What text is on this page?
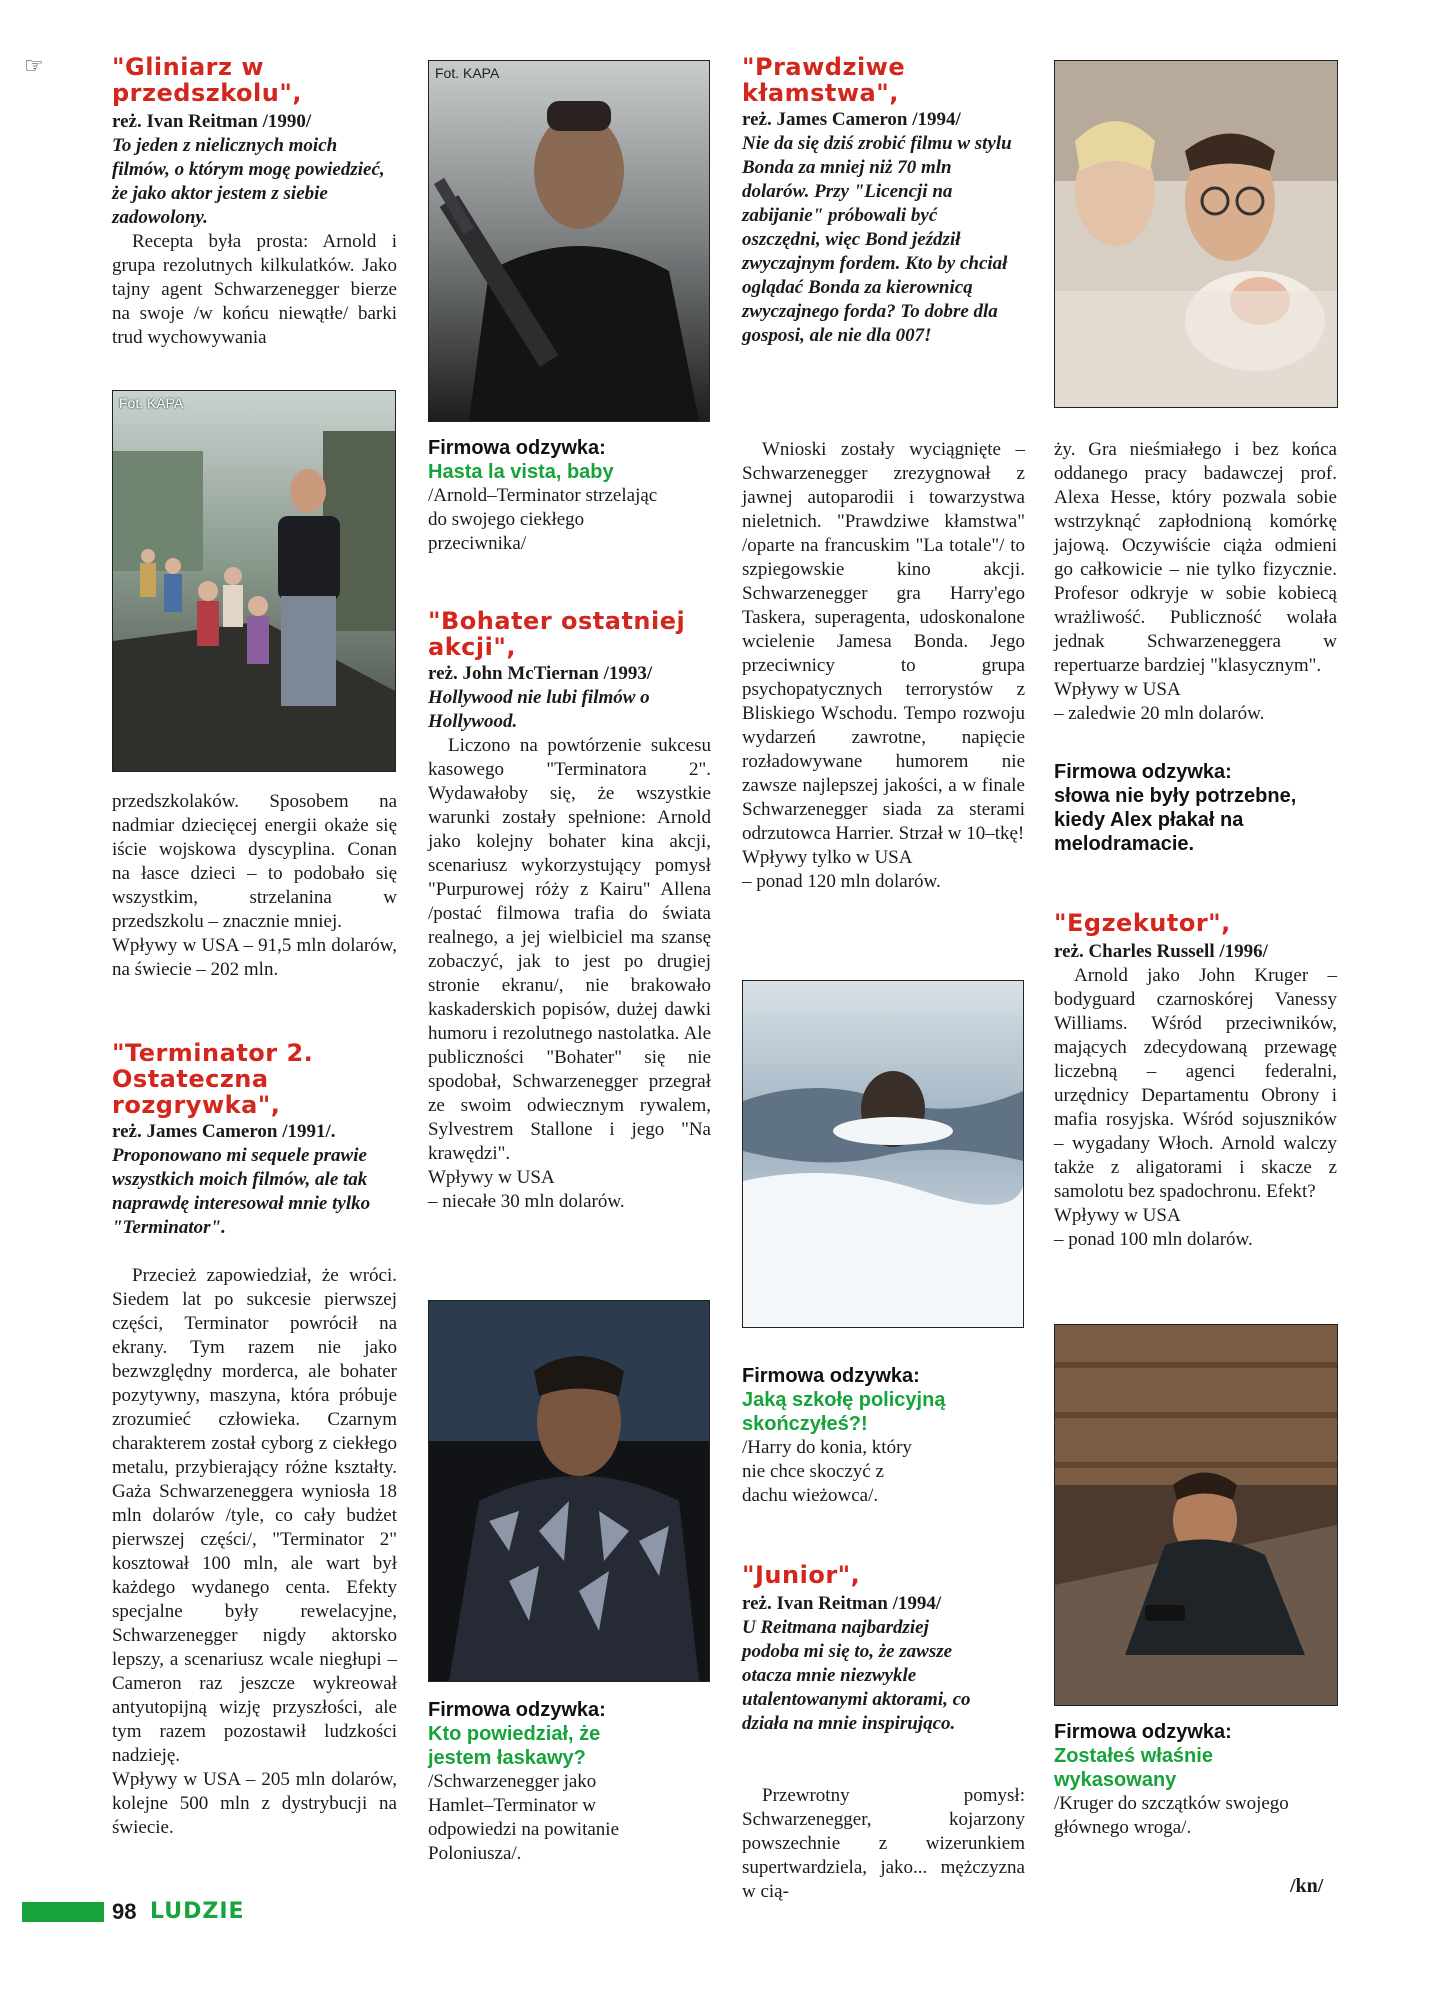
☞	"Gliniarz w przedszkolu",
reż. Ivan Reitman /1990/
To jeden z nielicznych moich filmów, o którym mogę powiedzieć, że jako aktor jestem z siebie zadowolony.

Recepta była prosta: Arnold i grupa rezolutnych kilkulatków. Jako tajny agent Schwarzenegger bierze na swoje /w końcu niewątłe/ barki trud wychowywania

Fot. KAPA

przedszkolaków. Sposobem na nadmiar dziecięcej energii okaże się iście wojskowa dyscyplina. Conan na łasce dzieci – to podobało się wszystkim, strzelanina w przedszkolu – znacznie mniej.

Wpływy w USA – 91,5 mln dolarów, na świecie – 202 mln.

"Terminator 2. Ostateczna rozgrywka",
reż. James Cameron /1991/.
Proponowano mi sequele prawie wszystkich moich filmów, ale tak naprawdę interesował mnie tylko "Terminator".

Przecież zapowiedział, że wróci. Siedem lat po sukcesie pierwszej części, Terminator powrócił na ekrany. Tym razem nie jako bezwzględny morderca, ale bohater pozytywny, maszyna, która próbuje zrozumieć człowieka. Czarnym charakterem został cyborg z ciekłego metalu, przybierający różne kształty. Gaża Schwarzeneggera wyniosła 18 mln dolarów /tyle, co cały budżet pierwszej części/, "Terminator 2" kosztował 100 mln, ale wart był każdego wydanego centa. Efekty specjalne były rewelacyjne, Schwarzenegger nigdy aktorsko lepszy, a scenariusz wcale niegłupi – Cameron raz jeszcze wykreował antyutopijną wizję przyszłości, ale tym razem pozostawił ludzkości nadzieję.

Wpływy w USA – 205 mln dolarów, kolejne 500 mln z dystrybucji na świecie.

98 LUDZIE
Fot. KAPA
Firmowa odzywka:
Hasta la vista, baby
/Arnold–Terminator strzelając do swojego ciekłego przeciwnika/
"Bohater ostatniej akcji",
reż. John McTiernan /1993/
Hollywood nie lubi filmów o Hollywood.

Liczono na powtórzenie sukcesu kasowego "Terminatora 2". Wydawałoby się, że wszystkie warunki zostały spełnione: Arnold jako kolejny bohater kina akcji, scenariusz wykorzystujący pomysł "Purpurowej róży z Kairu" Allena /postać filmowa trafia do świata realnego, a jej wielbiciel ma szansę zobaczyć, jak to jest po drugiej stronie ekranu/, nie brakowało kaskaderskich popisów, dużej dawki humoru i rezolutnego nastolatka. Ale publiczności "Bohater" się nie spodobał, Schwarzenegger przegrał ze swoim odwiecznym rywalem, Sylvestrem Stallone i jego "Na krawędzi".

Wpływy w USA

– niecałe 30 mln dolarów.

Firmowa odzywka:
Kto powiedział, że jestem łaskawy?
/Schwarzenegger jako Hamlet–Terminator w odpowiedzi na powitanie Poloniusza/.
"Prawdziwe kłamstwa",
reż. James Cameron /1994/
Nie da się dziś zrobić filmu w stylu Bonda za mniej niż 70 mln dolarów. Przy "Licencji na zabijanie" próbowali być oszczędni, więc Bond jeździł zwyczajnym fordem. Kto by chciał oglądać Bonda za kierownicą zwyczajnego forda? To dobre dla gosposi, ale nie dla 007!

Wnioski zostały wyciągnięte – Schwarzenegger zrezygnował z jawnej autoparodii i towarzystwa nieletnich. "Prawdziwe kłamstwa" /oparte na francuskim "La totale"/ to szpiegowskie kino akcji. Schwarzenegger gra Harry'ego Taskera, superagenta, udoskonalone wcielenie Jamesa Bonda. Jego przeciwnicy to grupa psychopatycznych terrorystów z Bliskiego Wschodu. Tempo rozwoju wydarzeń zawrotne, napięcie rozładowywane humorem nie zawsze najlepszej jakości, a w finale Schwarzenegger siada za sterami odrzutowca Harrier. Strzał w 10–tkę!

Wpływy tylko w USA

– ponad 120 mln dolarów.

Firmowa odzywka:
Jaką szkołę policyjną skończyłeś?!
/Harry do konia, który nie chce skoczyć z dachu wieżowca/.
"Junior",
reż. Ivan Reitman /1994/
U Reitmana najbardziej podoba mi się to, że zawsze otacza mnie niezwykle utalentowanymi aktorami, co działa na mnie inspirująco.

Przewrotny pomysł: Schwarzenegger, kojarzony powszechnie z wizerunkiem supertwardziela, jako... mężczyzna w cią-

ży. Gra nieśmiałego i bez końca oddanego pracy badawczej prof. Alexa Hesse, który pozwala sobie wstrzyknąć zapłodnioną komórkę jajową. Oczywiście ciąża odmieni go całkowicie – nie tylko fizycznie. Profesor odkryje w sobie kobiecą wrażliwość. Publiczność wolała jednak Schwarzeneggera w repertuarze bardziej "klasycznym".

Wpływy w USA

– zaledwie 20 mln dolarów.

Firmowa odzywka:
słowa nie były potrzebne, kiedy Alex płakał na melodramacie.
"Egzekutor",
reż. Charles Russell /1996/

Arnold jako John Kruger – bodyguard czarnoskórej Vanessy Williams. Wśród przeciwników, mających zdecydowaną przewagę liczebną – agenci federalni, urzędnicy Departamentu Obrony i mafia rosyjska. Wśród sojuszników – wygadany Włoch. Arnold walczy także z aligatorami i skacze z samolotu bez spadochronu. Efekt?

Wpływy w USA

– ponad 100 mln dolarów.

Firmowa odzywka:
Zostałeś właśnie wykasowany
/Kruger do szczątków swojego głównego wroga/.
/kn/
